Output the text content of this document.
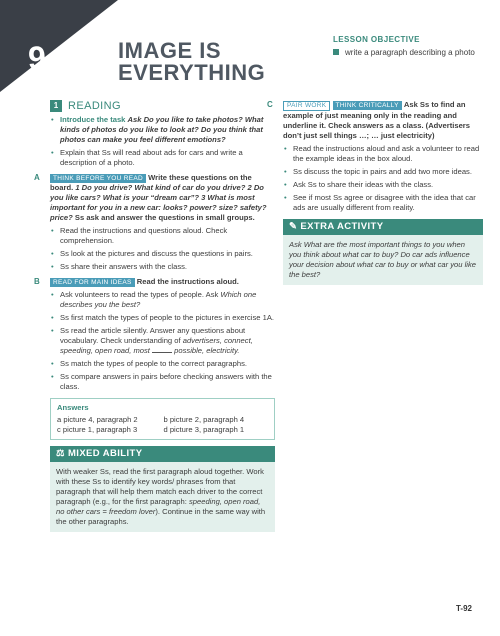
9.4 IMAGE IS
EVERYTHING
LESSON OBJECTIVE
write a paragraph describing a photo
1 READING
• Introduce the task Ask Do you like to take photos? What kinds of photos do you like to look at? Do you think that photos can make you feel different emotions?
• Explain that Ss will read about ads for cars and write a description of a photo.
A THINK BEFORE YOU READ Write these questions on the board. 1 Do you drive? What kind of car do you drive? 2 Do you like cars? What is your “dream car”? 3 What is most important for you in a new car: looks? power? size? safety? price? Ss ask and answer the questions in small groups.
• Read the instructions and questions aloud. Check comprehension.
• Ss look at the pictures and discuss the questions in pairs.
• Ss share their answers with the class.
B READ FOR MAIN IDEAS Read the instructions aloud.
• Ask volunteers to read the types of people. Ask Which one describes you the best?
• Ss first match the types of people to the pictures in exercise 1A.
• Ss read the article silently. Answer any questions about vocabulary. Check understanding of advertisers, connect, speeding, open road, most	possible, electricity.
• Ss match the types of people to the correct paragraphs.
• Ss compare answers in pairs before checking answers with the class.
Answers
a picture 4, paragraph 2	b picture 2, paragraph 4
c picture 1, paragraph 3	d picture 3, paragraph 1
⚖ MIXED ABILITY
With weaker Ss, read the first paragraph aloud together. Work with these Ss to identify key words/ phrases from that paragraph that will help them match each driver to the correct paragraph (e.g., for the first paragraph: speeding, open road, no other cars = freedom lover). Continue in the same way with the other paragraphs.
C PAIR WORK THINK CRITICALLY Ask Ss to find an example of just meaning only in the reading and underline it. Check answers as a class. (Advertisers don’t just sell things …; … just electricity)
• Read the instructions aloud and ask a volunteer to read the example ideas in the box aloud.
• Ss discuss the topic in pairs and add two more ideas.
• Ask Ss to share their ideas with the class.
• See if most Ss agree or disagree with the idea that car ads are usually different from reality.
✎ EXTRA ACTIVITY
Ask What are the most important things to you when you think about what car to buy? Do car ads influence your decision about what car to buy or what car you like the best?
T-92
